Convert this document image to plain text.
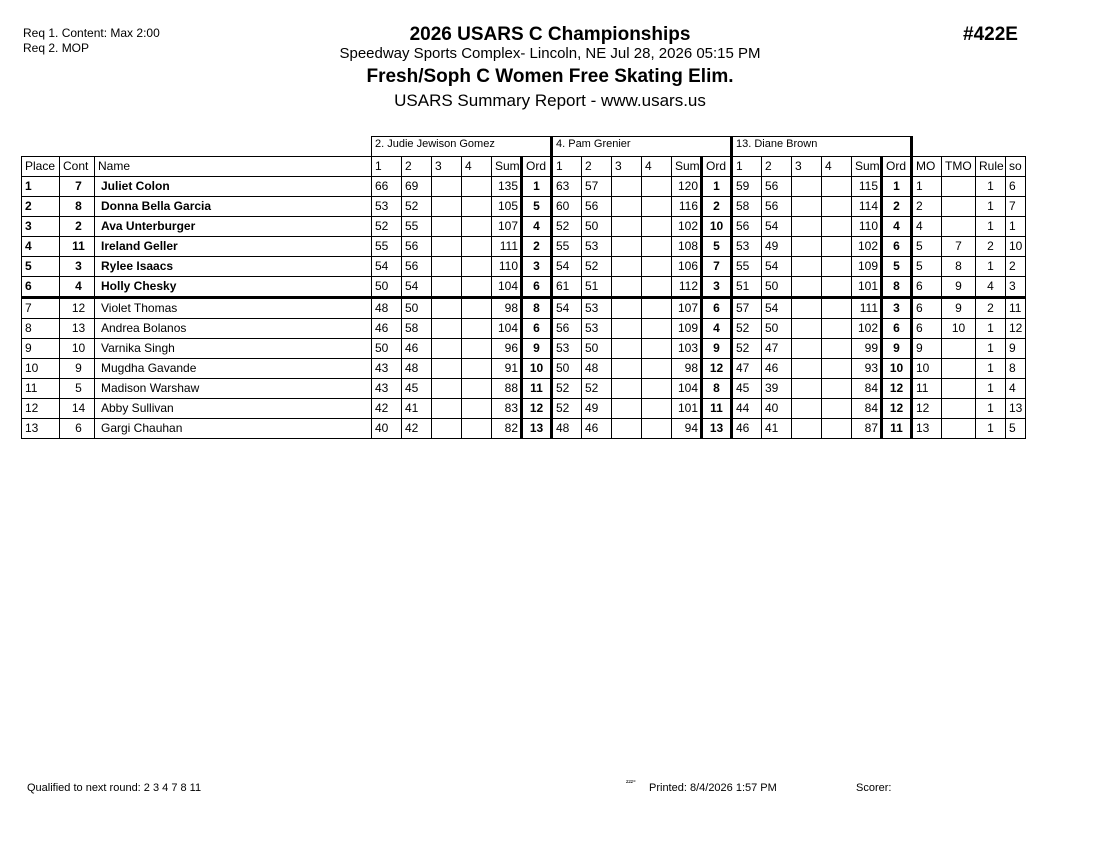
Req 1. Content: Max 2:00
Req 2. MOP
2026 USARS C Championships
Speedway Sports Complex- Lincoln, NE Jul 28, 2026 05:15 PM
Fresh/Soph C Women Free Skating Elim.
USARS Summary Report - www.usars.us
#422E
			2. Judie Jewison Gomez						4. Pam Grenier						13. Diane Brown									
Place	Cont	Name	1	2	3	4	Sum	Ord	1	2	3	4	Sum	Ord	1	2	3	4	Sum	Ord	MO	TMO	Rule	so
1	7	Juliet Colon	66	69			135	1	63	57			120	1	59	56			115	1	1		1	6
2	8	Donna Bella Garcia	53	52			105	5	60	56			116	2	58	56			114	2	2		1	7
3	2	Ava Unterburger	52	55			107	4	52	50			102	10	56	54			110	4	4		1	1
4	11	Ireland Geller	55	56			111	2	55	53			108	5	53	49			102	6	5	7	2	10
5	3	Rylee Isaacs	54	56			110	3	54	52			106	7	55	54			109	5	5	8	1	2
6	4	Holly Chesky	50	54			104	6	61	51			112	3	51	50			101	8	6	9	4	3
7	12	Violet Thomas	48	50			98	8	54	53			107	6	57	54			111	3	6	9	2	11
8	13	Andrea Bolanos	46	58			104	6	56	53			109	4	52	50			102	6	6	10	1	12
9	10	Varnika Singh	50	46			96	9	53	50			103	9	52	47			99	9	9		1	9
10	9	Mugdha Gavande	43	48			91	10	50	48			98	12	47	46			93	10	10		1	8
11	5	Madison Warshaw	43	45			88	11	52	52			104	8	45	39			84	12	11		1	4
12	14	Abby Sullivan	42	41			83	12	52	49			101	11	44	40			84	12	12		1	13
13	6	Gargi Chauhan	40	42			82	13	48	46			94	13	46	41			87	11	13		1	5
Qualified to next round: 2 3 4 7 8 11	²²²° Printed: 8/4/2026 1:57 PM	Scorer:
